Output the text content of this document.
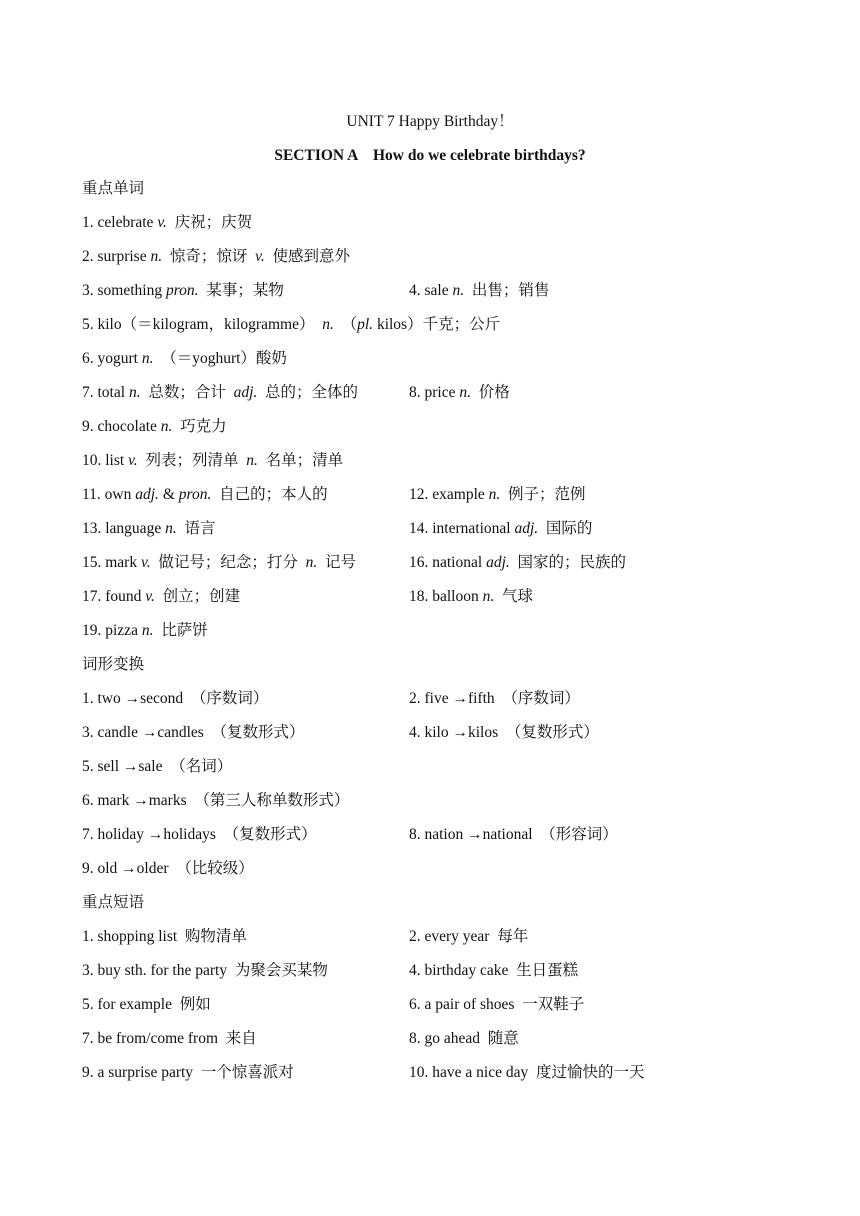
UNIT 7 Happy Birthday！
SECTION A　How do we celebrate birthdays?
重点单词
1. celebrate v.  庆祝；庆贺
2. surprise n.  惊奇；惊讶  v.  使感到意外
3. something pron.  某事；某物	4. sale n.  出售；销售
5. kilo（＝kilogram，kilogramme）  n.  （pl. kilos）千克；公斤
6. yogurt n.  （＝yoghurt）酸奶
7. total n.  总数；合计  adj.  总的；全体的	8. price n.  价格
9. chocolate n.  巧克力
10. list v.  列表；列清单  n.  名单；清单
11. own adj. & pron.  自己的；本人的	12. example n.  例子；范例
13. language n.  语言	14. international adj.  国际的
15. mark v.  做记号；纪念；打分  n.  记号	16. national adj.  国家的；民族的
17. found v.  创立；创建	18. balloon n.  气球
19. pizza n.  比萨饼
词形变换
1. two →second  （序数词）	2. five →fifth  （序数词）
3. candle →candles  （复数形式）	4. kilo →kilos  （复数形式）
5. sell →sale  （名词）
6. mark →marks  （第三人称单数形式）
7. holiday →holidays  （复数形式）	8. nation →national  （形容词）
9. old →older  （比较级）
重点短语
1. shopping list  购物清单	2. every year  每年
3. buy sth. for the party  为聚会买某物	4. birthday cake  生日蛋糕
5. for example  例如	6. a pair of shoes  一双鞋子
7. be from/come from  来自	8. go ahead  随意
9. a surprise party  一个惊喜派对	10. have a nice day  度过愉快的一天
